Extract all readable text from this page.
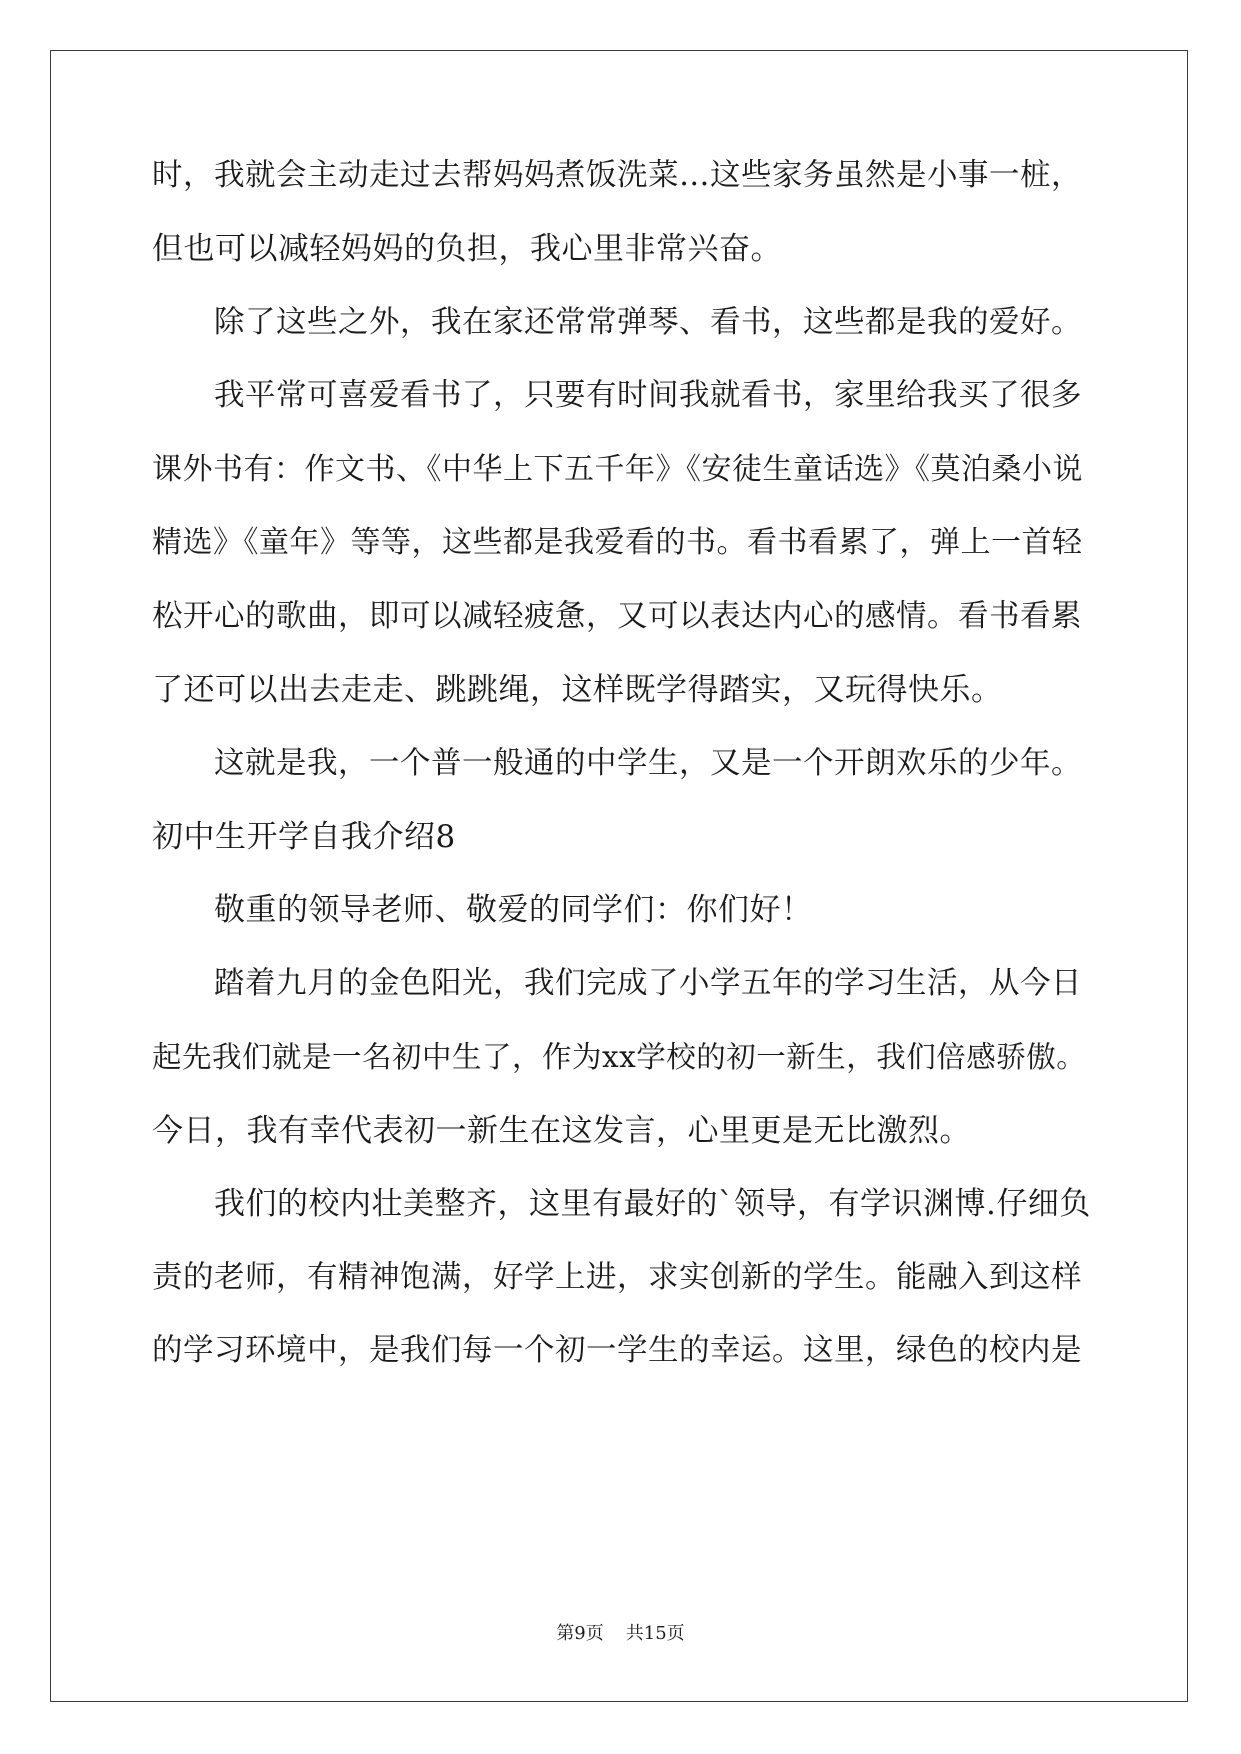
时，我就会主动走过去帮妈妈煮饭洗菜…这些家务虽然是小事一桩，
但也可以减轻妈妈的负担，我心里非常兴奋。
除了这些之外，我在家还常常弹琴、看书，这些都是我的爱好。
我平常可喜爱看书了，只要有时间我就看书，家里给我买了很多
课外书有：作文书、《中华上下五千年》《安徒生童话选》《莫泊桑小说
精选》《童年》等等，这些都是我爱看的书。看书看累了，弹上一首轻
松开心的歌曲，即可以减轻疲惫，又可以表达内心的感情。看书看累
了还可以出去走走、跳跳绳，这样既学得踏实，又玩得快乐。
这就是我，一个普一般通的中学生，又是一个开朗欢乐的少年。
初中生开学自我介绍8
敬重的领导老师、敬爱的同学们：你们好！
踏着九月的金色阳光，我们完成了小学五年的学习生活，从今日
起先我们就是一名初中生了，作为xx学校的初一新生，我们倍感骄傲。
今日，我有幸代表初一新生在这发言，心里更是无比激烈。
我们的校内壮美整齐，这里有最好的`领导，有学识渊博.仔细负
责的老师，有精神饱满，好学上进，求实创新的学生。能融入到这样
的学习环境中，是我们每一个初一学生的幸运。这里，绿色的校内是
第9页 共15页
